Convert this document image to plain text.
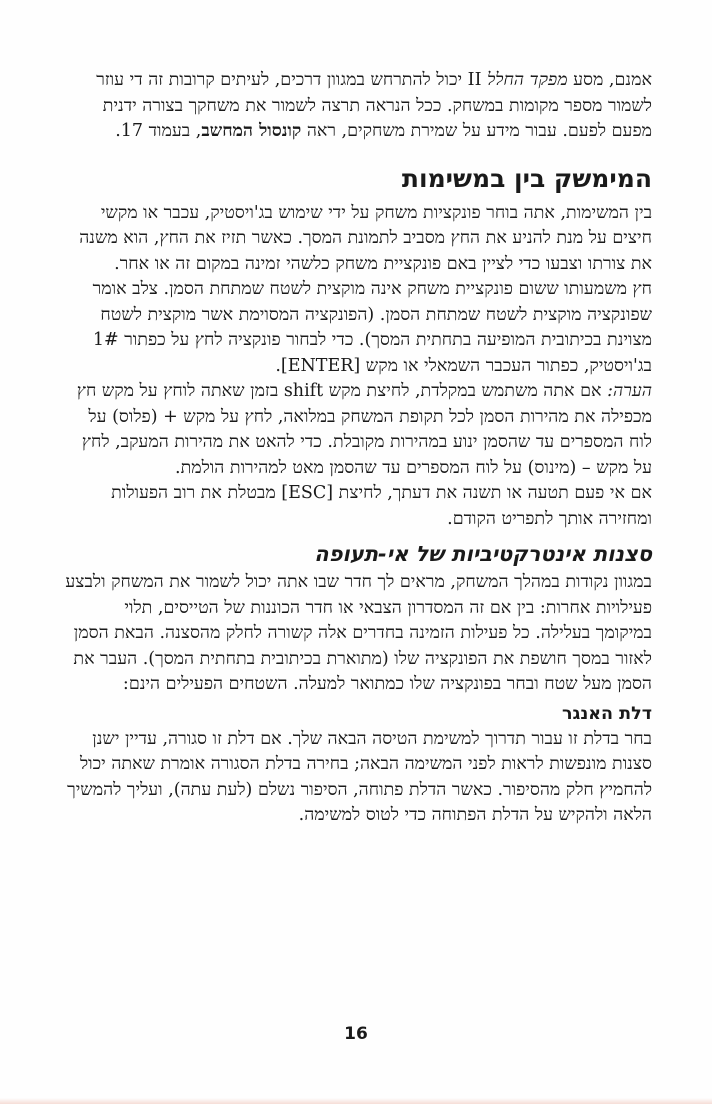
אמנם, מסע מפקד החלל II יכול להתרחש במגוון דרכים, לעיתים קרובות זה די עוזר לשמור מספר מקומות במשחק. ככל הנראה תרצה לשמור את משחקך בצורה ידנית מפעם לפעם. עבור מידע על שמירת משחקים, ראה קונסול המחשב, בעמוד 17.

המימשק בין במשימות

בין המשימות, אתה בוחר פונקציות משחק על ידי שימוש בג'ויסטיק, עכבר או מקשי חיצים על מנת להניע את החץ מסביב לתמונת המסך. כאשר תזיז את החץ, הוא משנה את צורתו וצבעו כדי לציין באם פונקציית משחק כלשהי זמינה במקום זה או אחר.

חץ משמעותו ששום פונקציית משחק אינה מוקצית לשטח שמתחת הסמן. צלב אומר שפונקציה מוקצית לשטח שמתחת הסמן. (הפונקציה המסוימת אשר מוקצית לשטח מצוינת בכיתובית המופיעה בתחתית המסך). כדי לבחור פונקציה לחץ על כפתור 1# בג'ויסטיק, כפתור העכבר השמאלי או מקש [ENTER].

הערה: אם אתה משתמש במקלדת, לחיצת מקש shift בזמן שאתה לוחץ על מקש חץ מכפילה את מהירות הסמן לכל תקופת המשחק במלואה, לחץ על מקש + (פלוס) על לוח המספרים עד שהסמן ינוע במהירות מקובלת. כדי להאט את מהירות המעקב, לחץ על מקש – (מינוס) על לוח המספרים עד שהסמן מאט למהירות הולמת.

אם אי פעם תטעה או תשנה את דעתך, לחיצת [ESC] מבטלת את רוב הפעולות ומחזירה אותך לתפריט הקודם.

סצנות אינטרקטיביות של אי-תעופה

במגוון נקודות במהלך המשחק, מראים לך חדר שבו אתה יכול לשמור את המשחק ולבצע פעילויות אחרות: בין אם זה המסדרון הצבאי או חדר הכוננות של הטייסים, תלוי במיקומך בעלילה. כל פעילות הזמינה בחדרים אלה קשורה לחלק מהסצנה. הבאת הסמן לאזור במסך חושפת את הפונקציה שלו (מתוארת בכיתובית בתחתית המסך). העבר את הסמן מעל שטח ובחר בפונקציה שלו כמתואר למעלה. השטחים הפעילים הינם:

דלת האנגר

בחר בדלת זו עבור תדרוך למשימת הטיסה הבאה שלך. אם דלת זו סגורה, עדיין ישנן סצנות מונפשות לראות לפני המשימה הבאה; בחירה בדלת הסגורה אומרת שאתה יכול להחמיץ חלק מהסיפור. כאשר הדלת פתוחה, הסיפור נשלם (לעת עתה), ועליך להמשיך הלאה ולהקיש על הדלת הפתוחה כדי לטוס למשימה.

16
